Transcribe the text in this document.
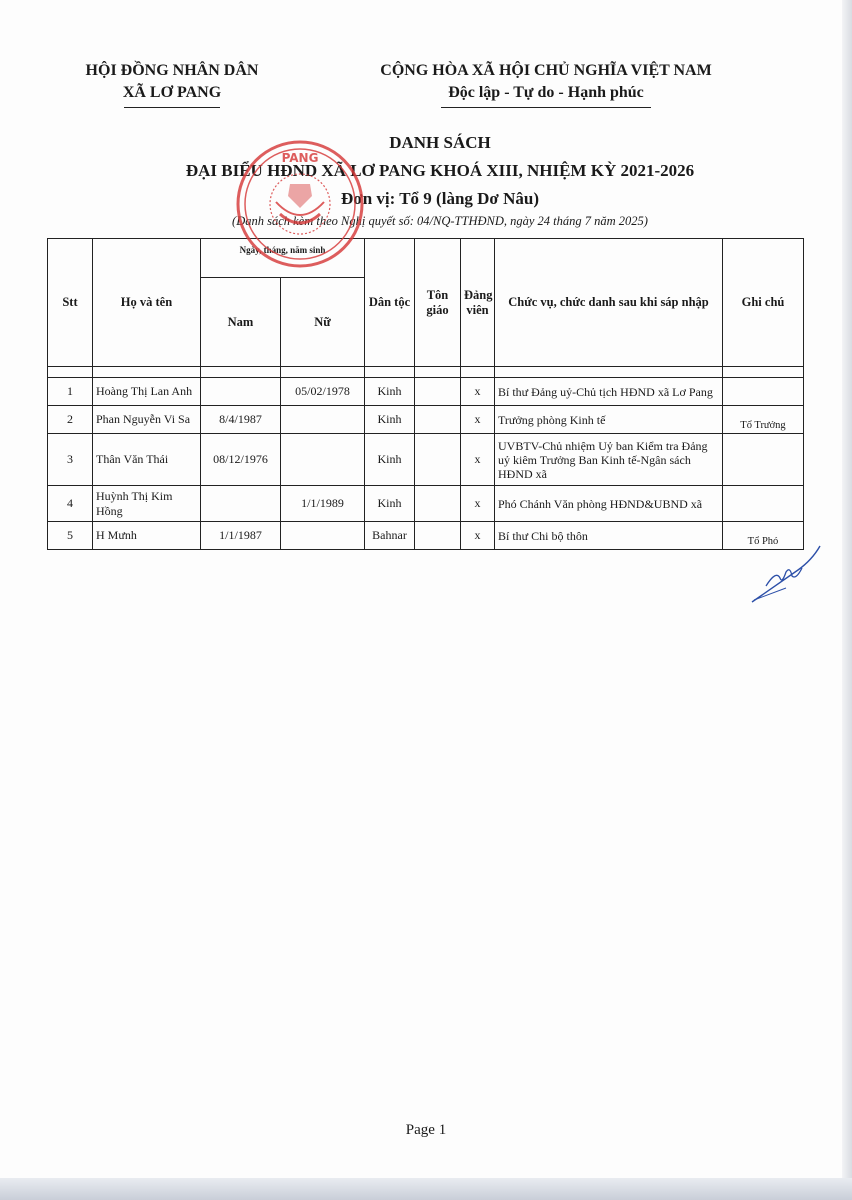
HỘI ĐỒNG NHÂN DÂN
XÃ LƠ PANG
CỘNG HÒA XÃ HỘI CHỦ NGHĨA VIỆT NAM
Độc lập - Tự do - Hạnh phúc
DANH SÁCH
ĐẠI BIỂU HĐND XÃ LƠ PANG KHOÁ XIII, NHIỆM KỲ 2021-2026
Đơn vị: Tổ 9 (làng Dơ Nâu)
(Danh sách kèm theo Nghị quyết số: 04/NQ-TTHĐND, ngày 24 tháng 7 năm 2025)
Stt	Họ và tên	Ngày, tháng, năm sinh		Dân tộc	Tôn giáo	Đảng viên	Chức vụ, chức danh sau khi sáp nhập	Ghi chú
		Nam	Nữ					

1	Hoàng Thị Lan Anh		05/02/1978	Kinh		x	Bí thư Đảng uỷ-Chủ tịch HĐND xã Lơ Pang	
2	Phan Nguyễn Vi Sa	8/4/1987		Kinh		x	Trưởng phòng Kinh tế	Tổ Trưởng
3	Thân Văn Thái	08/12/1976		Kinh		x	UVBTV-Chủ nhiệm Uỷ ban Kiểm tra Đảng uỷ kiêm Trưởng Ban Kinh tế-Ngân sách HĐND xã	
4	Huỳnh Thị Kim Hồng		1/1/1989	Kinh		x	Phó Chánh Văn phòng HĐND&UBND xã	
5	H Mưnh	1/1/1987		Bahnar		x	Bí thư Chi bộ thôn	Tổ Phó
PANG
Page 1
